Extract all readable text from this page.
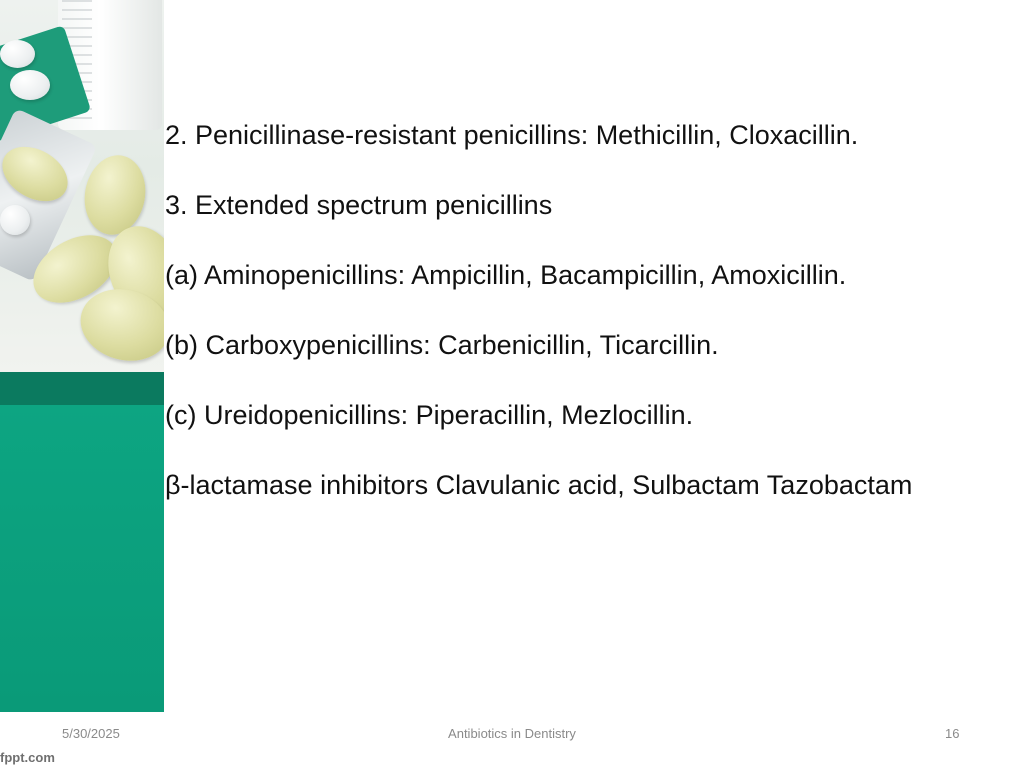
2. Penicillinase-resistant penicillins: Methicillin, Cloxacillin.
3. Extended spectrum penicillins
(a) Aminopenicillins: Ampicillin, Bacampicillin, Amoxicillin.
(b) Carboxypenicillins: Carbenicillin, Ticarcillin.
(c) Ureidopenicillins: Piperacillin, Mezlocillin.
β-lactamase inhibitors Clavulanic acid, Sulbactam Tazobactam
5/30/2025	Antibiotics in Dentistry	16
fppt.com
